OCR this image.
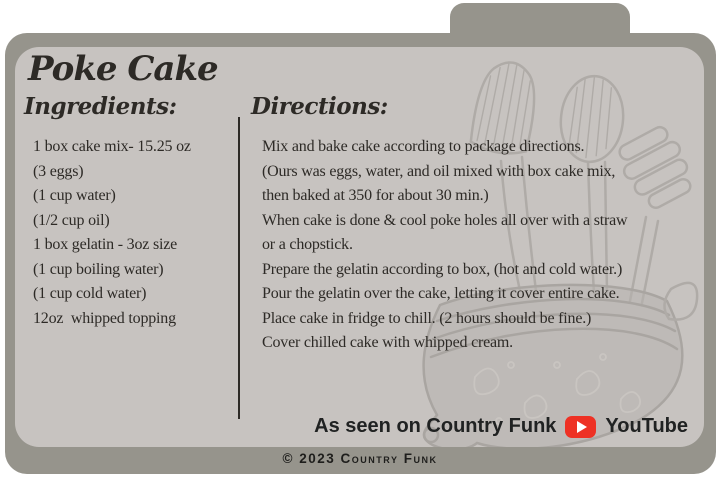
Poke Cake
Ingredients:	Directions:
1 box cake mix- 15.25 oz
(3 eggs)
(1 cup water)
(1/2 cup oil)
1 box gelatin - 3oz size
(1 cup boiling water)
(1 cup cold water)
12oz  whipped topping
Mix and bake cake according to package directions.
(Ours was eggs, water, and oil mixed with box cake mix,
then baked at 350 for about 30 min.)
When cake is done & cool poke holes all over with a straw
or a chopstick.
Prepare the gelatin according to box, (hot and cold water.)
Pour the gelatin over the cake, letting it cover entire cake.
Place cake in fridge to chill. (2 hours should be fine.)
Cover chilled cake with whipped cream.
As seen on Country Funk YouTube
© 2023 Country Funk
